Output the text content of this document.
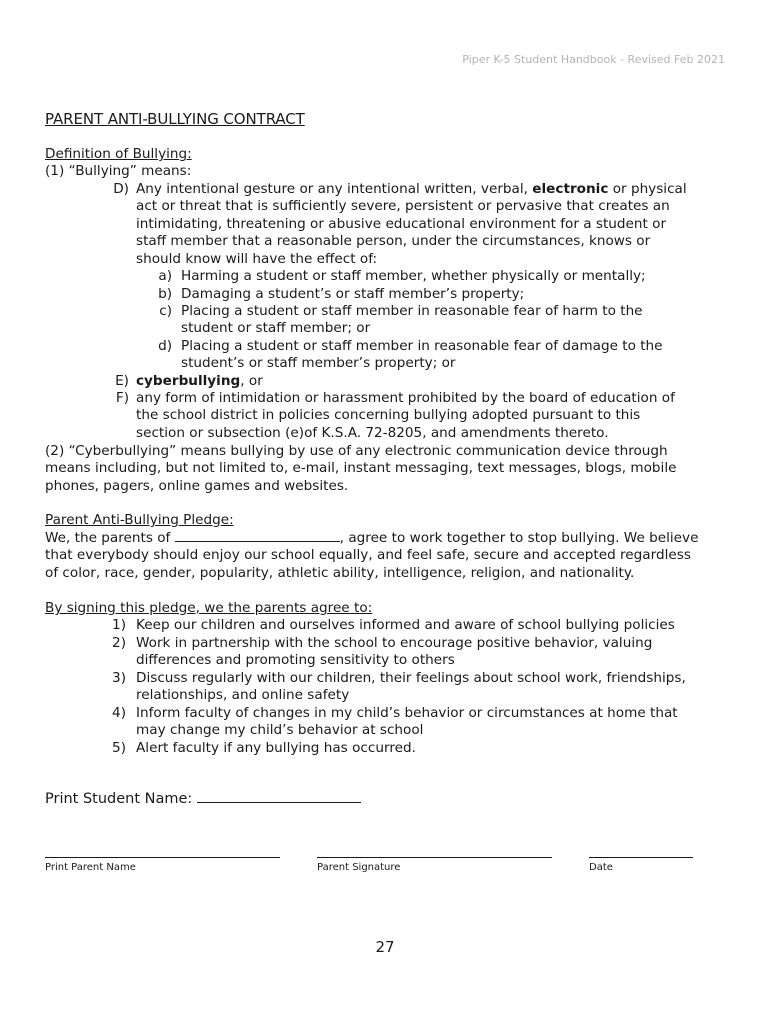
Piper K-5 Student Handbook - Revised Feb 2021
PARENT ANTI-BULLYING CONTRACT
Definition of Bullying:
(1) “Bullying” means:
D) Any intentional gesture or any intentional written, verbal, electronic or physical
act or threat that is sufficiently severe, persistent or pervasive that creates an
intimidating, threatening or abusive educational environment for a student or
staff member that a reasonable person, under the circumstances, knows or
should know will have the effect of:
a) Harming a student or staff member, whether physically or mentally;
b) Damaging a student’s or staff member’s property;
c) Placing a student or staff member in reasonable fear of harm to the
student or staff member; or
d) Placing a student or staff member in reasonable fear of damage to the
student’s or staff member’s property; or
E) cyberbullying, or
F) any form of intimidation or harassment prohibited by the board of education of
the school district in policies concerning bullying adopted pursuant to this
section or subsection (e)of K.S.A. 72-8205, and amendments thereto.
(2) “Cyberbullying” means bullying by use of any electronic communication device through
means including, but not limited to, e-mail, instant messaging, text messages, blogs, mobile
phones, pagers, online games and websites.
Parent Anti-Bullying Pledge:
We, the parents of	, agree to work together to stop bullying. We believe
that everybody should enjoy our school equally, and feel safe, secure and accepted regardless
of color, race, gender, popularity, athletic ability, intelligence, religion, and nationality.
By signing this pledge, we the parents agree to:
1) Keep our children and ourselves informed and aware of school bullying policies
2) Work in partnership with the school to encourage positive behavior, valuing
differences and promoting sensitivity to others
3) Discuss regularly with our children, their feelings about school work, friendships,
relationships, and online safety
4) Inform faculty of changes in my child’s behavior or circumstances at home that
may change my child’s behavior at school
5) Alert faculty if any bullying has occurred.
Print Student Name:
Print Parent Name	Parent Signature	Date
27
